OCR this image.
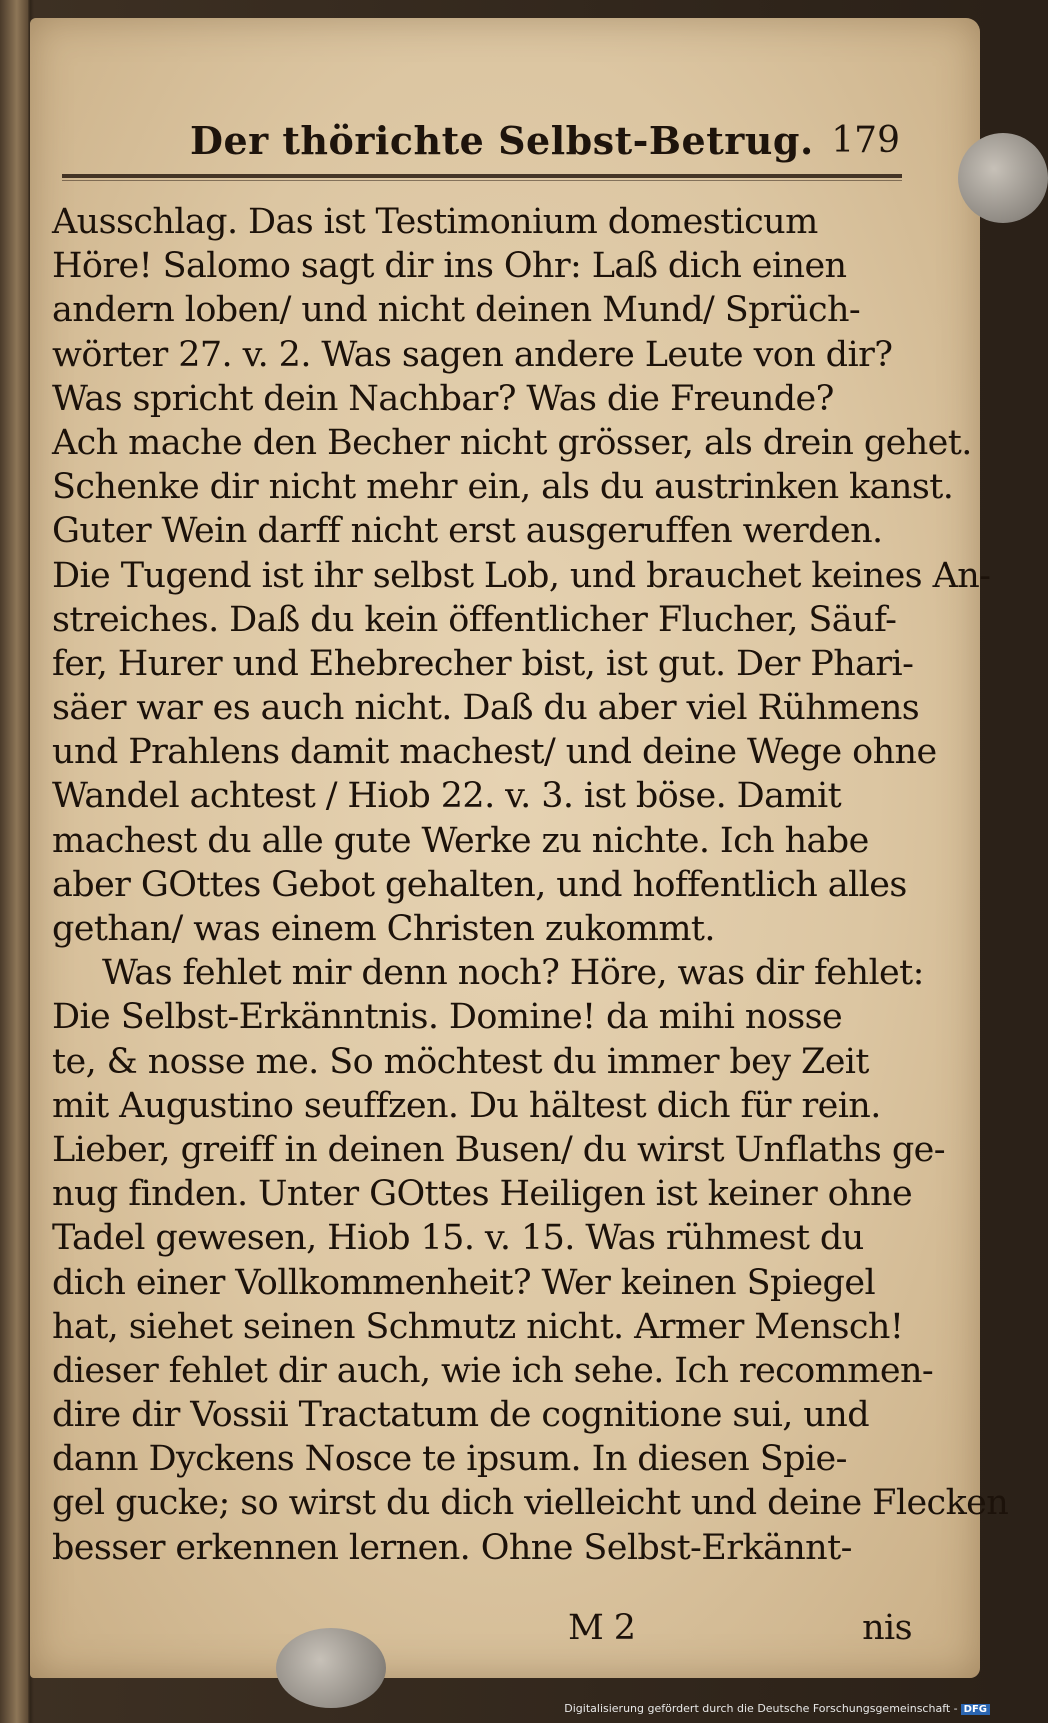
Der thörichte Selbst-Betrug. 179
Ausschlag. Das ist Testimonium domesticum
Höre! Salomo sagt dir ins Ohr: Laß dich einen
andern loben/ und nicht deinen Mund/ Sprüch-
wörter 27. v. 2. Was sagen andere Leute von dir?
Was spricht dein Nachbar? Was die Freunde?
Ach mache den Becher nicht grösser, als drein gehet.
Schenke dir nicht mehr ein, als du austrinken kanst.
Guter Wein darff nicht erst ausgeruffen werden.
Die Tugend ist ihr selbst Lob, und brauchet keines An-
streiches. Daß du kein öffentlicher Flucher, Säuf-
fer, Hurer und Ehebrecher bist, ist gut. Der Phari-
säer war es auch nicht. Daß du aber viel Rühmens
und Prahlens damit machest/ und deine Wege ohne
Wandel achtest / Hiob 22. v. 3. ist böse. Damit
machest du alle gute Werke zu nichte. Ich habe
aber GOttes Gebot gehalten, und hoffentlich alles
gethan/ was einem Christen zukommt.
Was fehlet mir denn noch? Höre, was dir fehlet:
Die Selbst-Erkänntnis. Domine! da mihi nosse
te, & nosse me. So möchtest du immer bey Zeit
mit Augustino seuffzen. Du hältest dich für rein.
Lieber, greiff in deinen Busen/ du wirst Unflaths ge-
nug finden. Unter GOttes Heiligen ist keiner ohne
Tadel gewesen, Hiob 15. v. 15. Was rühmest du
dich einer Vollkommenheit? Wer keinen Spiegel
hat, siehet seinen Schmutz nicht. Armer Mensch!
dieser fehlet dir auch, wie ich sehe. Ich recommen-
dire dir Vossii Tractatum de cognitione sui, und
dann Dyckens Nosce te ipsum. In diesen Spie-
gel gucke; so wirst du dich vielleicht und deine Flecken
besser erkennen lernen. Ohne Selbst-Erkännt-
M 2	nis
Digitalisierung gefördert durch die Deutsche Forschungsgemeinschaft - DFG
